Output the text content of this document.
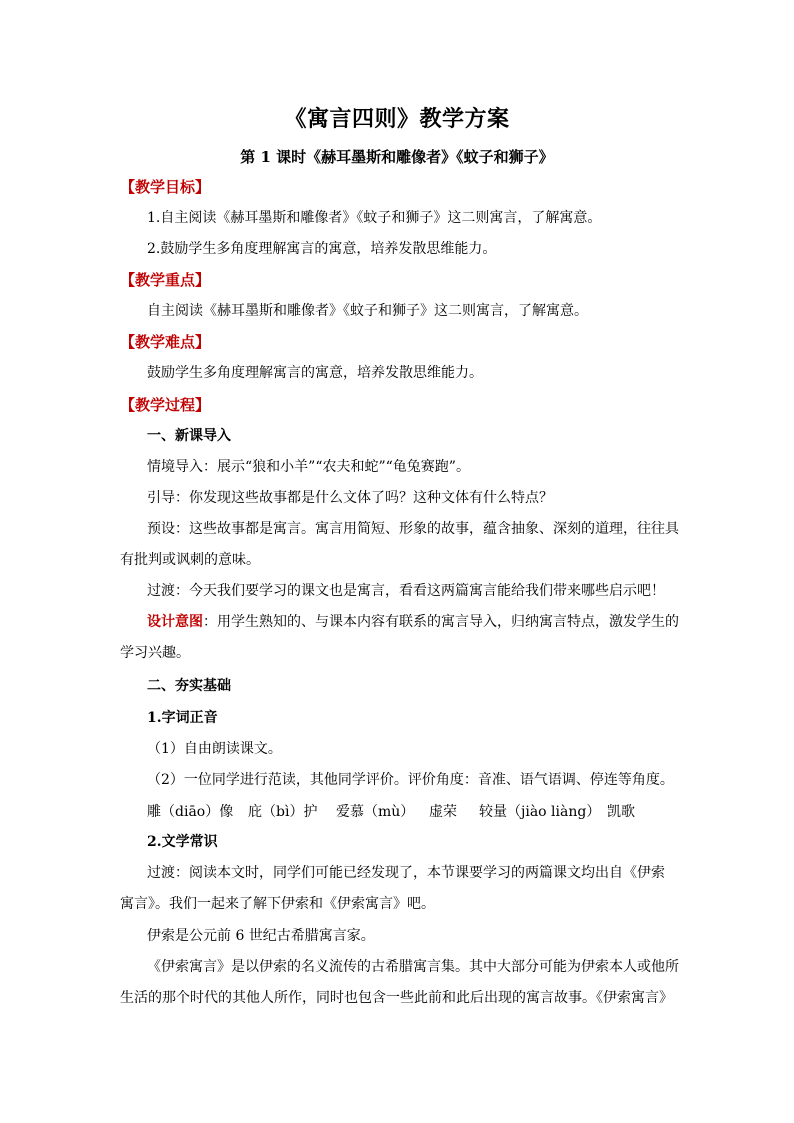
《寓言四则》教学方案
第 1 课时《赫耳墨斯和雕像者》《蚊子和狮子》
【教学目标】
1.自主阅读《赫耳墨斯和雕像者》《蚊子和狮子》这二则寓言，了解寓意。
2.鼓励学生多角度理解寓言的寓意，培养发散思维能力。
【教学重点】
自主阅读《赫耳墨斯和雕像者》《蚊子和狮子》这二则寓言，了解寓意。
【教学难点】
鼓励学生多角度理解寓言的寓意，培养发散思维能力。
【教学过程】
一、新课导入
情境导入：展示“狼和小羊”“农夫和蛇”“龟兔赛跑”。
引导：你发现这些故事都是什么文体了吗？这种文体有什么特点？
预设：这些故事都是寓言。寓言用简短、形象的故事，蕴含抽象、深刻的道理，往往具
有批判或讽刺的意味。
过渡：今天我们要学习的课文也是寓言，看看这两篇寓言能给我们带来哪些启示吧！
设计意图：用学生熟知的、与课本内容有联系的寓言导入，归纳寓言特点，激发学生的
学习兴趣。
二、夯实基础
1.字词正音
（1）自由朗读课文。
（2）一位同学进行范读，其他同学评价。评价角度：音准、语气语调、停连等角度。
雕（diāo）像 庇（bì）护 爱慕（mù） 虚荣 较量（jiào liàng） 凯歌
2.文学常识
过渡：阅读本文时，同学们可能已经发现了，本节课要学习的两篇课文均出自《伊索
寓言》。我们一起来了解下伊索和《伊索寓言》吧。
伊索是公元前 6 世纪古希腊寓言家。
《伊索寓言》是以伊索的名义流传的古希腊寓言集。其中大部分可能为伊索本人或他所
生活的那个时代的其他人所作，同时也包含一些此前和此后出现的寓言故事。《伊索寓言》
